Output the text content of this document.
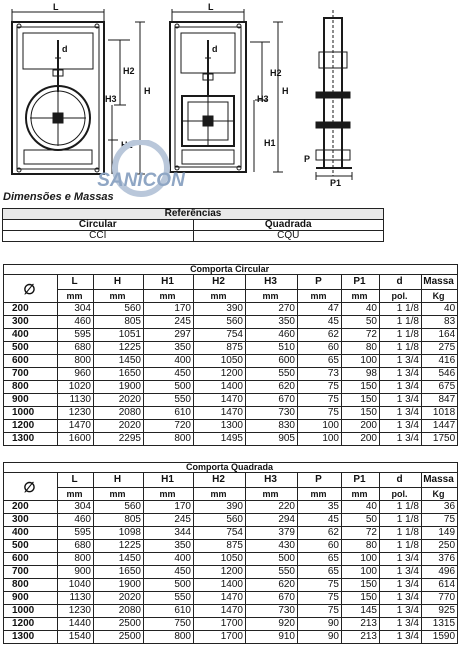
L	L
d	d
H2	H2
H3	H3
H	H
H1	H1
P
P1
SANICON
Dimensões e Massas
Referências	
Circular	Quadrada
CCI	CQU
Comporta Circular									
∅	L	H	H1	H2	H3	P	P1	d	Massa
	mm	mm	mm	mm	mm	mm	mm	pol.	Kg
200	304	560	170	390	270	47	40	1 1/8	40
300	460	805	245	560	350	45	50	1 1/8	83
400	595	1051	297	754	460	62	72	1 1/8	164
500	680	1225	350	875	510	60	80	1 1/8	275
600	800	1450	400	1050	600	65	100	1 3/4	416
700	960	1650	450	1200	550	73	98	1 3/4	546
800	1020	1900	500	1400	620	75	150	1 3/4	675
900	1130	2020	550	1470	670	75	150	1 3/4	847
1000	1230	2080	610	1470	730	75	150	1 3/4	1018
1200	1470	2020	720	1300	830	100	200	1 3/4	1447
1300	1600	2295	800	1495	905	100	200	1 3/4	1750
Comporta Quadrada									
∅	L	H	H1	H2	H3	P	P1	d	Massa
	mm	mm	mm	mm	mm	mm	mm	pol.	Kg
200	304	560	170	390	220	35	40	1 1/8	36
300	460	805	245	560	294	45	50	1 1/8	75
400	595	1098	344	754	379	62	72	1 1/8	149
500	680	1225	350	875	430	60	80	1 1/8	250
600	800	1450	400	1050	500	65	100	1 3/4	376
700	900	1650	450	1200	550	65	100	1 3/4	496
800	1040	1900	500	1400	620	75	150	1 3/4	614
900	1130	2020	550	1470	670	75	150	1 3/4	770
1000	1230	2080	610	1470	730	75	145	1 3/4	925
1200	1440	2500	750	1700	920	90	213	1 3/4	1315
1300	1540	2500	800	1700	910	90	213	1 3/4	1590
